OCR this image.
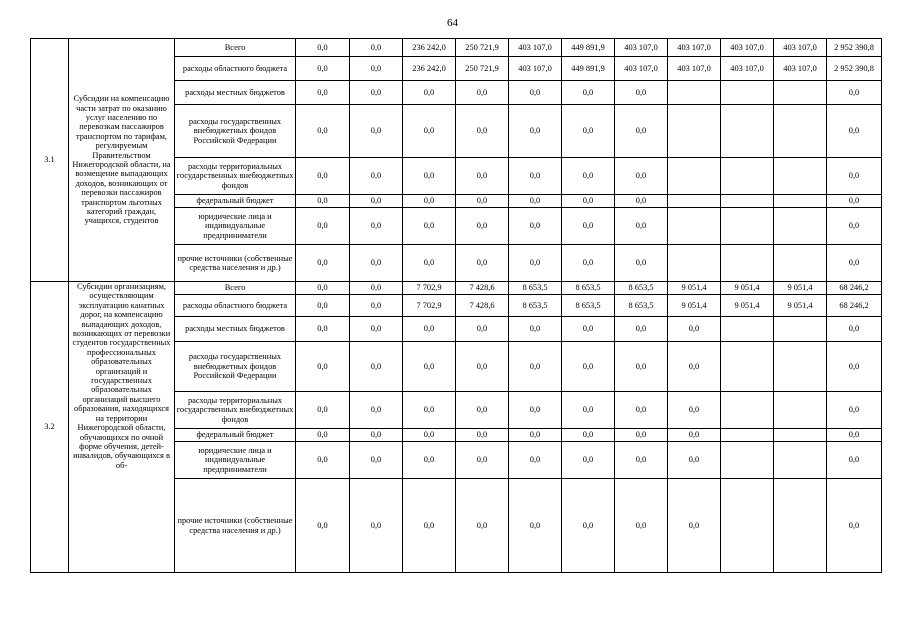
64
3.1	Субсидии на компенсацию части затрат по оказанию услуг населению по перевозкам пассажиров транспортом по тарифам, регулируемым Правительством Нижегородской области, на возмещение выпадающих доходов, возникающих от перевозки пассажиров транспортом льготных категорий граждан, учащихся, студентов	Всего	0,0	0,0	236 242,0	250 721,9	403 107,0	449 891,9	403 107,0	403 107,0	403 107,0	403 107,0	2 952 390,8
		расходы областного бюджета	0,0	0,0	236 242,0	250 721,9	403 107,0	449 891,9	403 107,0	403 107,0	403 107,0	403 107,0	2 952 390,8
		расходы местных бюджетов	0,0	0,0	0,0	0,0	0,0	0,0	0,0				0,0
		расходы государственных внебюджетных фондов Российской Федерации	0,0	0,0	0,0	0,0	0,0	0,0	0,0				0,0
		расходы территориальных государственных внебюджетных фондов	0,0	0,0	0,0	0,0	0,0	0,0	0,0				0,0
		федеральный бюджет	0,0	0,0	0,0	0,0	0,0	0,0	0,0				0,0
		юридические лица и индивидуальные предприниматели	0,0	0,0	0,0	0,0	0,0	0,0	0,0				0,0
		прочие источники (собственные средства населения и др.)	0,0	0,0	0,0	0,0	0,0	0,0	0,0				0,0
3.2	Субсидии организациям, осуществляющим эксплуатацию канатных дорог, на компенсацию выпадающих доходов, возникающих от перевозки студентов государственных профессиональных образовательных организаций и государственных образовательных организаций высшего образования, находящихся на территории Нижегородской области, обучающихся по очной форме обучения, детей-инвалидов, обучающихся в об-	Всего	0,0	0,0	7 702,9	7 428,6	8 653,5	8 653,5	8 653,5	9 051,4	9 051,4	9 051,4	68 246,2
		расходы областного бюджета	0,0	0,0	7 702,9	7 428,6	8 653,5	8 653,5	8 653,5	9 051,4	9 051,4	9 051,4	68 246,2
		расходы местных бюджетов	0,0	0,0	0,0	0,0	0,0	0,0	0,0	0,0			0,0
		расходы государственных внебюджетных фондов Российской Федерации	0,0	0,0	0,0	0,0	0,0	0,0	0,0	0,0			0,0
		расходы территориальных государственных внебюджетных фондов	0,0	0,0	0,0	0,0	0,0	0,0	0,0	0,0			0,0
		федеральный бюджет	0,0	0,0	0,0	0,0	0,0	0,0	0,0	0,0			0,0
		юридические лица и индивидуальные предприниматели	0,0	0,0	0,0	0,0	0,0	0,0	0,0	0,0			0,0
		прочие источники (собственные средства населения и др.)	0,0	0,0	0,0	0,0	0,0	0,0	0,0	0,0			0,0
